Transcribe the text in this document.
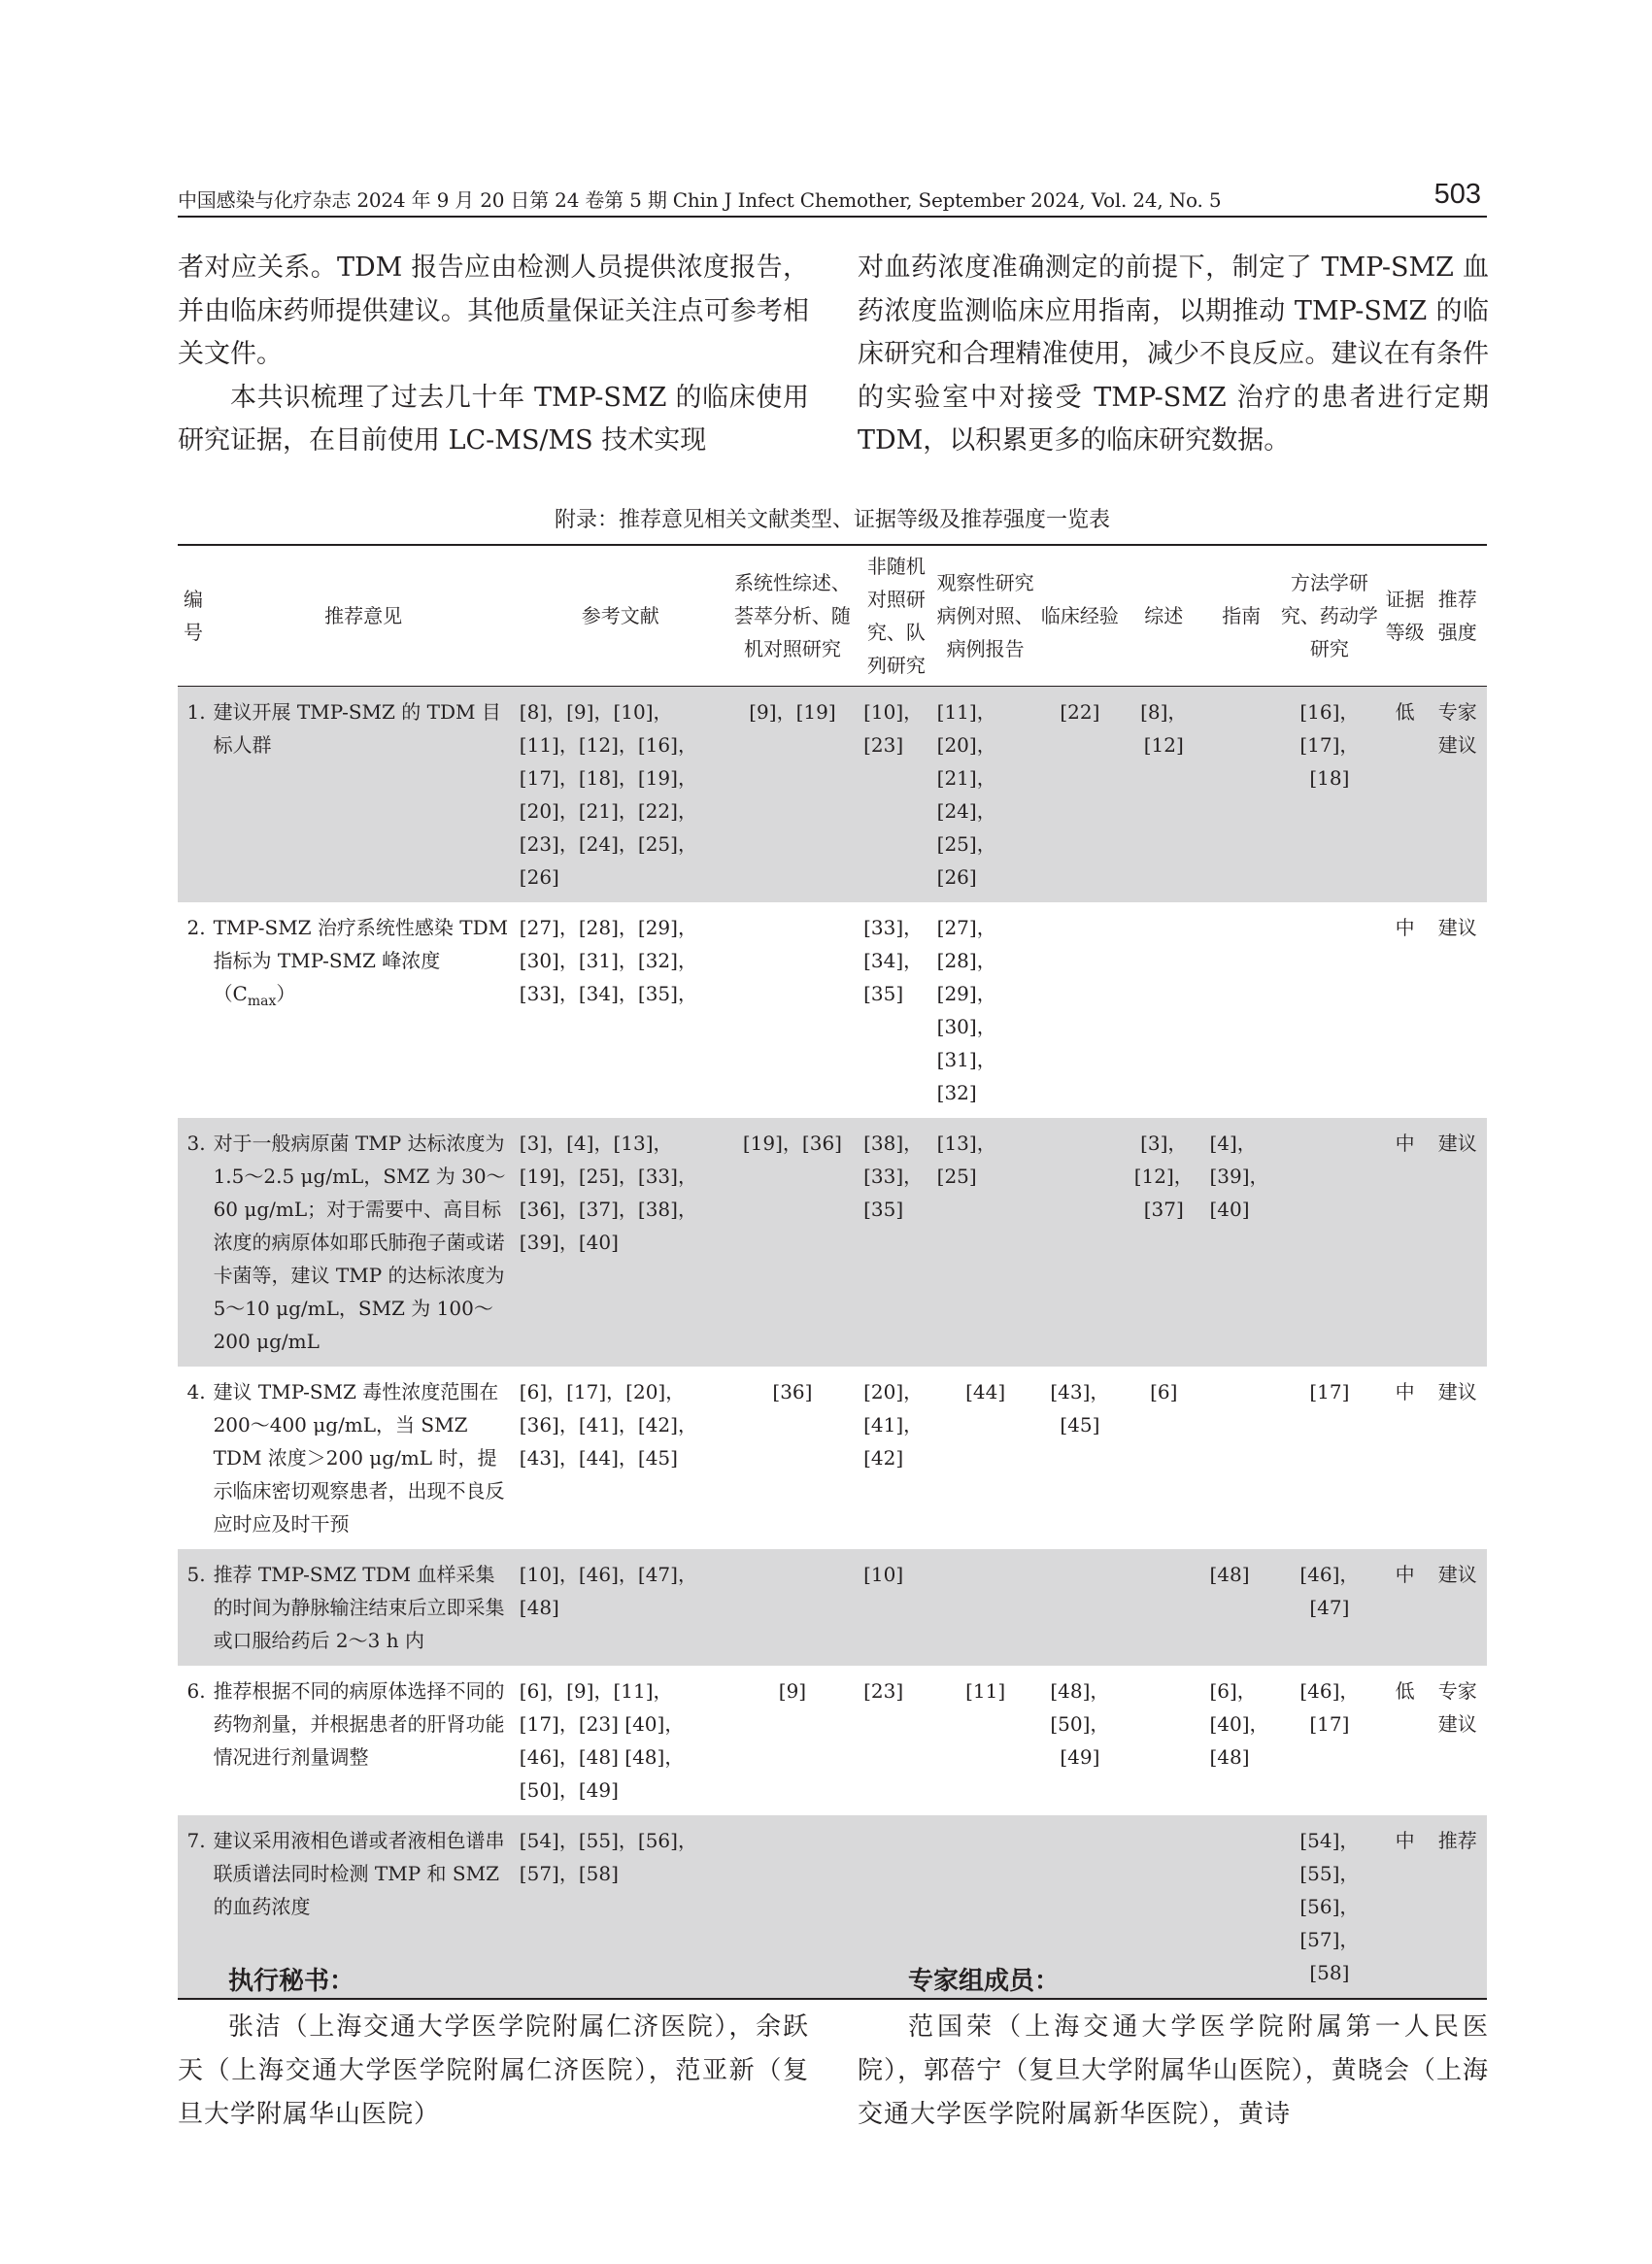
中国感染与化疗杂志 2024 年 9 月 20 日第 24 卷第 5 期 Chin J Infect Chemother, September 2024, Vol. 24, No. 5	503

者对应关系。TDM 报告应由检测人员提供浓度报告，并由临床药师提供建议。其他质量保证关注点可参考相关文件。

本共识梳理了过去几十年 TMP-SMZ 的临床使用研究证据，在目前使用 LC-MS/MS 技术实现

对血药浓度准确测定的前提下，制定了 TMP-SMZ 血药浓度监测临床应用指南，以期推动 TMP-SMZ 的临床研究和合理精准使用，减少不良反应。建议在有条件的实验室中对接受 TMP-SMZ 治疗的患者进行定期 TDM，以积累更多的临床研究数据。

附录：推荐意见相关文献类型、证据等级及推荐强度一览表
编号	推荐意见	参考文献	系统性综述、荟萃分析、随机对照研究	非随机对照研究、队列研究	观察性研究病例对照、病例报告	临床经验	综述	指南	方法学研究、药动学研究	证据等级	推荐强度
1.	建议开展 TMP-SMZ 的 TDM 目标人群	[8]，[9]，[10]，[11]，[12]，[16]，[17]，[18]，[19]，[20]，[21]，[22]，[23]，[24]，[25]，[26]	[9]，[19]	[10]，[23]	[11]，[20]，[21]，[24]，[25]，[26]	[22]	[8]，[12]		[16]，[17]，[18]	低	专家建议
2.	TMP-SMZ 治疗系统性感染 TDM 指标为 TMP-SMZ 峰浓度$(C_{max})$	[27]，[28]，[29]，[30]，[31]，[32]，[33]，[34]，[35]，		[33]，[34]，[35]	[27]，[28]，[29]，[30]，[31]，[32]					中	建议
3.	对于一般病原菌 TMP 达标浓度为 1.5～2.5 μg/mL，SMZ 为 30～60 μg/mL；对于需要中、高目标浓度的病原体如耶氏肺孢子菌或诺卡菌等，建议 TMP 的达标浓度为 5～10 μg/mL，SMZ 为 100～200 μg/mL	[3]，[4]，[13]，[19]，[25]，[33]，[36]，[37]，[38]，[39]，[40]	[19]，[36]	[38]，[33]，[35]	[13]，[25]		[3]，[12]，[37]	[4]，[39]，[40]		中	建议
4.	建议 TMP-SMZ 毒性浓度范围在 200～400 μg/mL，当 SMZ TDM 浓度＞200 μg/mL 时，提示临床密切观察患者，出现不良反应时应及时干预	[6]，[17]，[20]，[36]，[41]，[42]，[43]，[44]，[45]	[36]	[20]，[41]，[42]	[44]	[43]，[45]	[6]		[17]	中	建议
5.	推荐 TMP-SMZ TDM 血样采集的时间为静脉输注结束后立即采集或口服给药后 2～3 h 内	[10]，[46]，[47]，[48]		[10]				[48]	[46]，[47]	中	建议
6.	推荐根据不同的病原体选择不同的药物剂量，并根据患者的肝肾功能情况进行剂量调整	[6]，[9]，[11]，[17]，[23] [40]，[46]，[48] [48]，[50]，[49]	[9]	[23]	[11]	[48]，[50]，[49]		[6]，[40]，[48]	[46]，[17]	低	专家建议
7.	建议采用液相色谱或者液相色谱串联质谱法同时检测 TMP 和 SMZ 的血药浓度	[54]，[55]，[56]，[57]，[58]							[54]，[55]，[56]，[57]，[58]	中	推荐
执行秘书：

张洁（上海交通大学医学院附属仁济医院），余跃天（上海交通大学医学院附属仁济医院），范亚新（复旦大学附属华山医院）

专家组成员：

范国荣（上海交通大学医学院附属第一人民医院），郭蓓宁（复旦大学附属华山医院），黄晓会（上海交通大学医学院附属新华医院），黄诗
